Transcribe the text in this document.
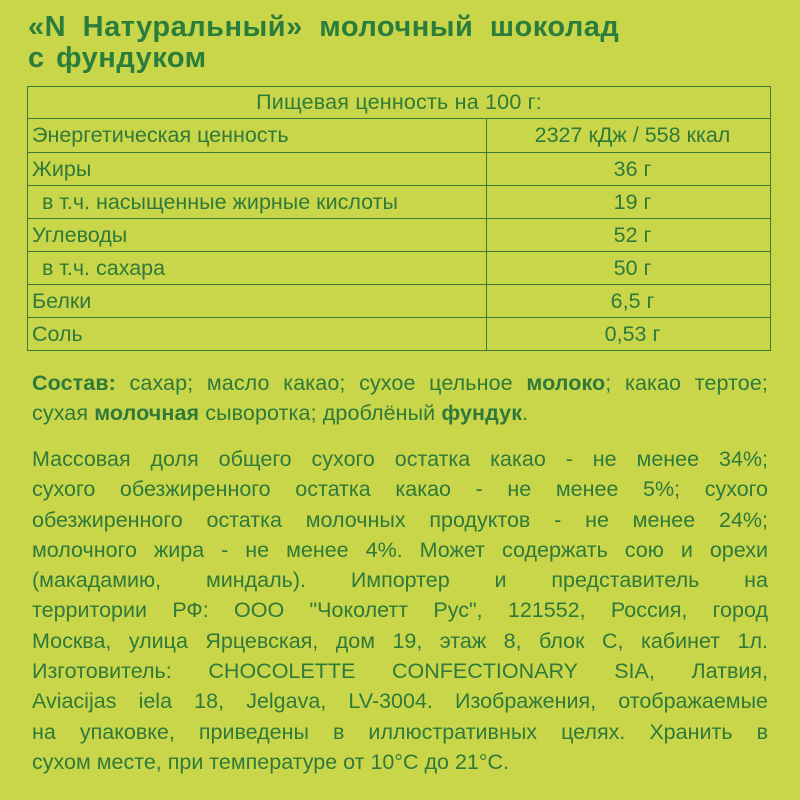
«N Натуральный» молочный шоколад
с фундуком
Пищевая ценность на 100 г:	
Энергетическая ценность	2327 кДж / 558 ккал
Жиры	36 г
в т.ч. насыщенные жирные кислоты	19 г
Углеводы	52 г
в т.ч. сахара	50 г
Белки	6,5 г
Соль	0,53 г
Состав: сахар; масло какао; сухое цельное молоко; какао тертое; сухая молочная сыворотка; дроблёный фундук.
Массовая доля общего сухого остатка какао - не менее 34%;
сухого обезжиренного остатка какао - не менее 5%; сухого
обезжиренного остатка молочных продуктов - не менее 24%;
молочного жира - не менее 4%. Может содержать сою и орехи
(макадамию, миндаль). Импортер и представитель на
территории РФ: ООО "Чоколетт Рус", 121552, Россия, город
Москва, улица Ярцевская, дом 19, этаж 8, блок С, кабинет 1л.
Изготовитель: CHOCOLETTE CONFECTIONARY SIA, Латвия,
Aviacijas iela 18, Jelgava, LV-3004. Изображения, отображаемые
на упаковке, приведены в иллюстративных целях. Хранить в
сухом месте, при температуре от 10°C до 21°C.
